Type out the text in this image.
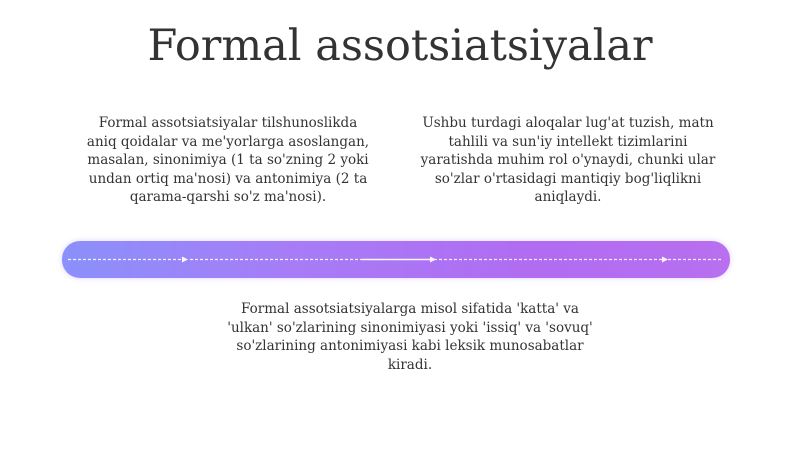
Formal assotsiatsiyalar

Formal assotsiatsiyalar tilshunoslikda aniq qoidalar va me'yorlarga asoslangan, masalan, sinonimiya (1 ta so'zning 2 yoki undan ortiq ma'nosi) va antonimiya (2 ta qarama-qarshi so'z ma'nosi).

Ushbu turdagi aloqalar lug'at tuzish, matn tahlili va sun'iy intellekt tizimlarini yaratishda muhim rol o'ynaydi, chunki ular so'zlar o'rtasidagi mantiqiy bog'liqlikni aniqlaydi.

Formal assotsiatsiyalarga misol sifatida 'katta' va 'ulkan' so'zlarining sinonimiyasi yoki 'issiq' va 'sovuq' so'zlarining antonimiyasi kabi leksik munosabatlar kiradi.
